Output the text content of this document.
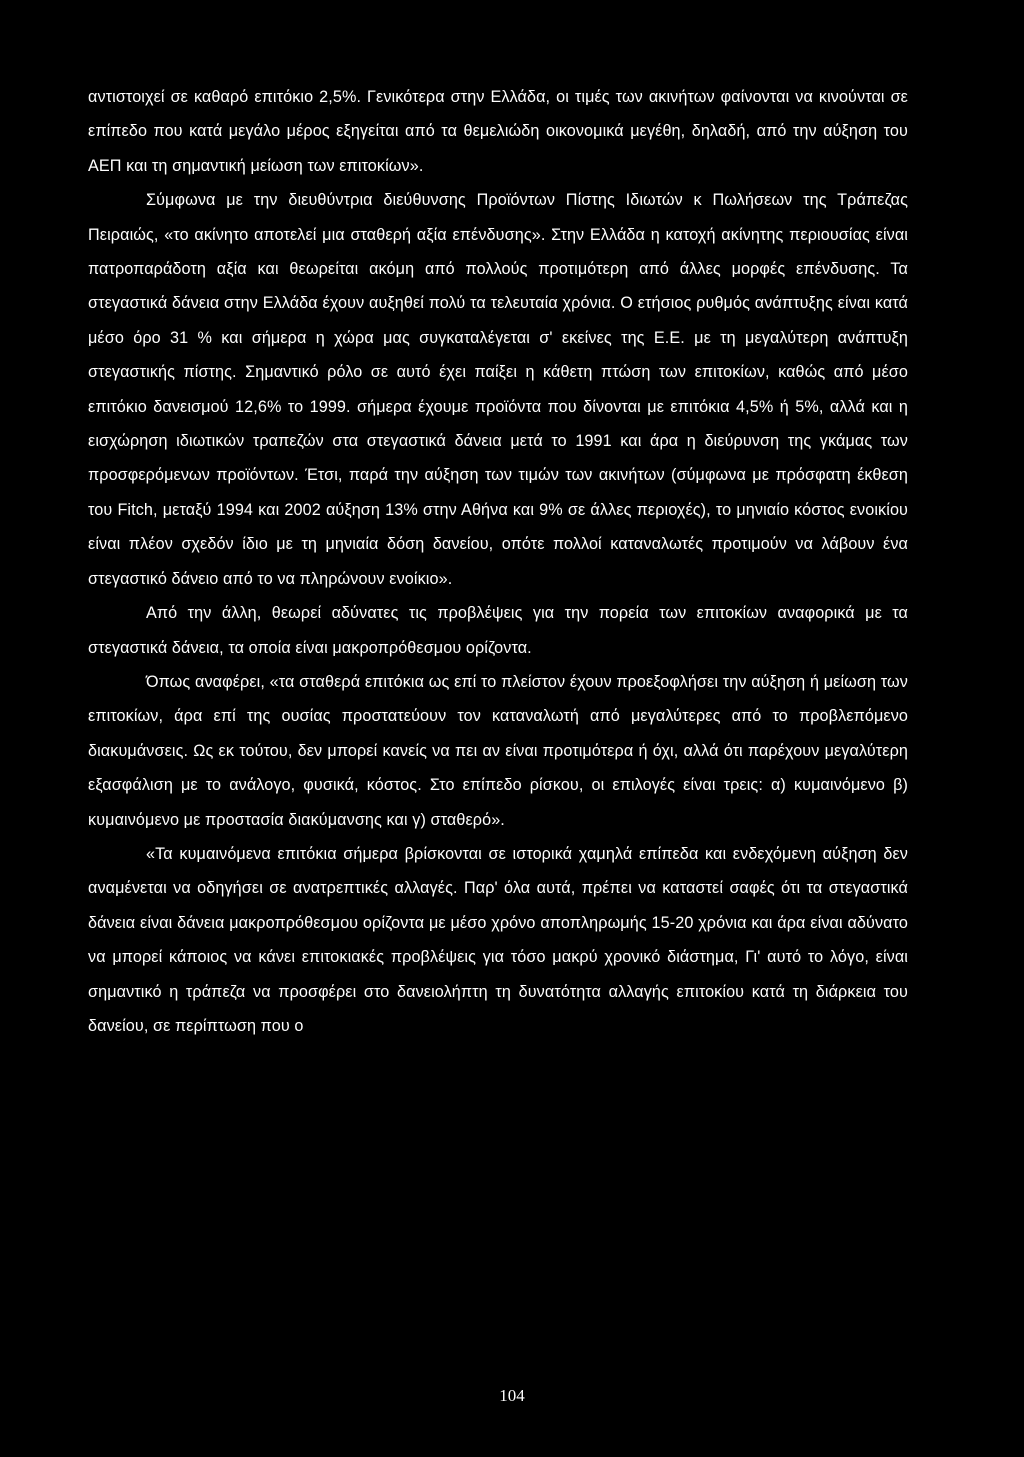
αντιστοιχεί σε καθαρό επιτόκιο 2,5%. Γενικότερα στην Ελλάδα, οι τιμές των ακινήτων φαίνονται να κινούνται σε επίπεδο που κατά μεγάλο μέρος εξηγείται από τα θεμελιώδη οικονομικά μεγέθη, δηλαδή, από την αύξηση του ΑΕΠ και τη σημαντική μείωση των επιτοκίων».

Σύμφωνα με την διευθύντρια διεύθυνσης Προϊόντων Πίστης Ιδιωτών κ Πωλήσεων της Τράπεζας Πειραιώς, «το ακίνητο αποτελεί μια σταθερή αξία επένδυσης». Στην Ελλάδα η κατοχή ακίνητης περιουσίας είναι πατροπαράδοτη αξία και θεωρείται ακόμη από πολλούς προτιμότερη από άλλες μορφές επένδυσης. Τα στεγαστικά δάνεια στην Ελλάδα έχουν αυξηθεί πολύ τα τελευταία χρόνια. Ο ετήσιος ρυθμός ανάπτυξης είναι κατά μέσο όρο 31 % και σήμερα η χώρα μας συγκαταλέγεται σ' εκείνες της Ε.Ε. με τη μεγαλύτερη ανάπτυξη στεγαστικής πίστης. Σημαντικό ρόλο σε αυτό έχει παίξει η κάθετη πτώση των επιτοκίων, καθώς από μέσο επιτόκιο δανεισμού 12,6% το 1999. σήμερα έχουμε προϊόντα που δίνονται με επιτόκια 4,5% ή 5%, αλλά και η εισχώρηση ιδιωτικών τραπεζών στα στεγαστικά δάνεια μετά το 1991 και άρα η διεύρυνση της γκάμας των προσφερόμενων προϊόντων. Έτσι, παρά την αύξηση των τιμών των ακινήτων (σύμφωνα με πρόσφατη έκθεση του Fitch, μεταξύ 1994 και 2002 αύξηση 13% στην Αθήνα και 9% σε άλλες περιοχές), το μηνιαίο κόστος ενοικίου είναι πλέον σχεδόν ίδιο με τη μηνιαία δόση δανείου, οπότε πολλοί καταναλωτές προτιμούν να λάβουν ένα στεγαστικό δάνειο από το να πληρώνουν ενοίκιο».

Από την άλλη, θεωρεί αδύνατες τις προβλέψεις για την πορεία των επιτοκίων αναφορικά με τα στεγαστικά δάνεια, τα οποία είναι μακροπρόθεσμου ορίζοντα.

Όπως αναφέρει, «τα σταθερά επιτόκια ως επί το πλείστον έχουν προεξοφλήσει την αύξηση ή μείωση των επιτοκίων, άρα επί της ουσίας προστατεύουν τον καταναλωτή από μεγαλύτερες από το προβλεπόμενο διακυμάνσεις. Ως εκ τούτου, δεν μπορεί κανείς να πει αν είναι προτιμότερα ή όχι, αλλά ότι παρέχουν μεγαλύτερη εξασφάλιση με το ανάλογο, φυσικά, κόστος. Στο επίπεδο ρίσκου, οι επιλογές είναι τρεις: α) κυμαινόμενο β) κυμαινόμενο με προστασία διακύμανσης και γ) σταθερό».

«Τα κυμαινόμενα επιτόκια σήμερα βρίσκονται σε ιστορικά χαμηλά επίπεδα και ενδεχόμενη αύξηση δεν αναμένεται να οδηγήσει σε ανατρεπτικές αλλαγές. Παρ' όλα αυτά, πρέπει να καταστεί σαφές ότι τα στεγαστικά δάνεια είναι δάνεια μακροπρόθεσμου ορίζοντα με μέσο χρόνο αποπληρωμής 15-20 χρόνια και άρα είναι αδύνατο να μπορεί κάποιος να κάνει επιτοκιακές προβλέψεις για τόσο μακρύ χρονικό διάστημα, Γι' αυτό το λόγο, είναι σημαντικό η τράπεζα να προσφέρει στο δανειολήπτη τη δυνατότητα αλλαγής επιτοκίου κατά τη διάρκεια του δανείου, σε περίπτωση που ο

104
